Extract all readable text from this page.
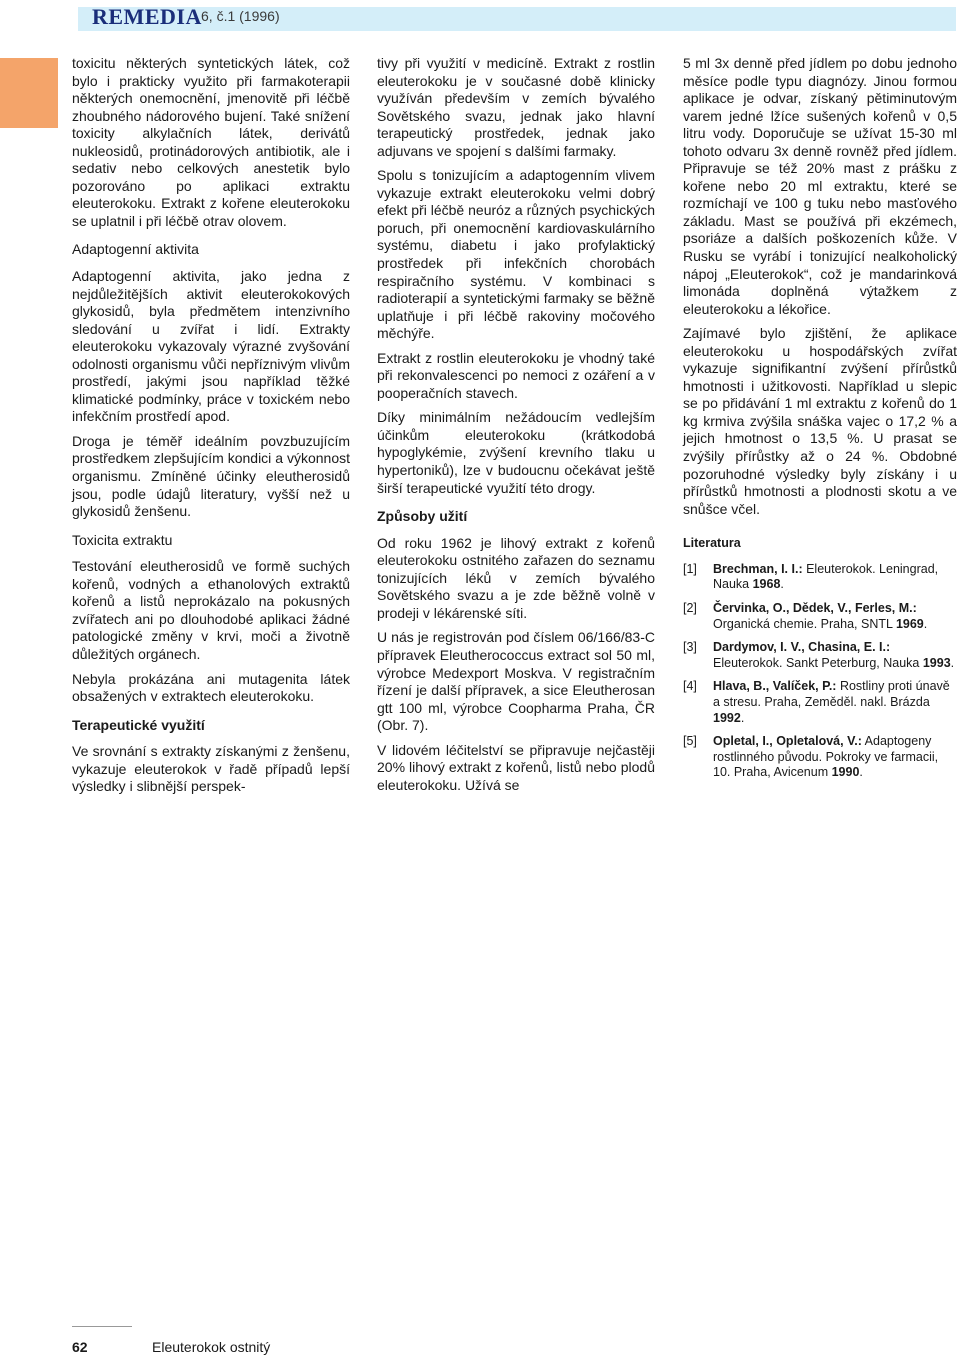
REMEDIA 6, č.1 (1996)

toxicitu některých syntetických látek, což bylo i prakticky využito při farmakoterapii některých onemocnění, jmenovitě při léčbě zhoubného nádorového bujení. Také snížení toxicity alkylačních látek, derivátů nukleosidů, protinádorových antibiotik, ale i sedativ nebo celkových anestetik bylo pozorováno po aplikaci extraktu eleuterokoku. Extrakt z kořene eleuterokoku se uplatnil i při léčbě otrav olovem.

Adaptogenní aktivita

Adaptogenní aktivita, jako jedna z nejdůležitějších aktivit eleuterokokových glykosidů, byla předmětem intenzivního sledování u zvířat i lidí. Extrakty eleuterokoku vykazovaly výrazné zvyšování odolnosti organismu vůči nepříznivým vlivům prostředí, jakými jsou například těžké klimatické podmínky, práce v toxickém nebo infekčním prostředí apod.

Droga je téměř ideálním povzbuzujícím prostředkem zlepšujícím kondici a výkonnost organismu. Zmíněné účinky eleutherosidů jsou, podle údajů literatury, vyšší než u glykosidů ženšenu.

Toxicita extraktu

Testování eleutherosidů ve formě suchých kořenů, vodných a ethanolových extraktů kořenů a listů neprokázalo na pokusných zvířatech ani po dlouhodobé aplikaci žádné patologické změny v krvi, moči a životně důležitých orgánech.

Nebyla prokázána ani mutagenita látek obsažených v extraktech eleuterokoku.

Terapeutické využití

Ve srovnání s extrakty získanými z ženšenu, vykazuje eleuterokok v řadě případů lepší výsledky i slibnější perspek-

tivy při využití v medicíně. Extrakt z rostlin eleuterokoku je v současné době klinicky využíván především v zemích bývalého Sovětského svazu, jednak jako hlavní terapeutický prostředek, jednak jako adjuvans ve spojení s dalšími farmaky.

Spolu s tonizujícím a adaptogenním vlivem vykazuje extrakt eleuterokoku velmi dobrý efekt při léčbě neuróz a různých psychických poruch, při onemocnění kardiovaskulárního systému, diabetu i jako profylaktický prostředek při infekčních chorobách respiračního systému. V kombinaci s radioterapií a syntetickými farmaky se běžně uplatňuje i při léčbě rakoviny močového měchýře.

Extrakt z rostlin eleuterokoku je vhodný také při rekonvalescenci po nemoci z ozáření a v pooperačních stavech.

Díky minimálním nežádoucím vedlejším účinkům eleuterokoku (krátkodobá hypoglykémie, zvýšení krevního tlaku u hypertoniků), lze v budoucnu očekávat ještě širší terapeutické využití této drogy.

Způsoby užití

Od roku 1962 je lihový extrakt z kořenů eleuterokoku ostnitého zařazen do seznamu tonizujících léků v zemích bývalého Sovětského svazu a je zde běžně volně v prodeji v lékárenské síti.

U nás je registrován pod číslem 06/166/83-C přípravek Eleutherococcus extract sol 50 ml, výrobce Medexport Moskva. V registračním řízení je další přípravek, a sice Eleutherosan gtt 100 ml, výrobce Coopharma Praha, ČR (Obr. 7).

V lidovém léčitelství se připravuje nejčastěji 20% lihový extrakt z kořenů, listů nebo plodů eleuterokoku. Užívá se

5 ml 3x denně před jídlem po dobu jednoho měsíce podle typu diagnózy. Jinou formou aplikace je odvar, získaný pětiminutovým varem jedné lžíce sušených kořenů v 0,5 litru vody. Doporučuje se užívat 15-30 ml tohoto odvaru 3x denně rovněž před jídlem. Připravuje se též 20% mast z prášku z kořene nebo 20 ml extraktu, které se rozmíchají ve 100 g tuku nebo masťového základu. Mast se používá při ekzémech, psoriáze a dalších poškozeních kůže. V Rusku se vyrábí i tonizující nealkoholický nápoj „Eleuterokok“, což je mandarinková limonáda doplněná výtažkem z eleuterokoku a lékořice.

Zajímavé bylo zjištění, že aplikace eleuterokoku u hospodářských zvířat vykazuje signifikantní zvýšení přírůstků hmotnosti i užitkovosti. Například u slepic se po přidávání 1 ml extraktu z kořenů do 1 kg krmiva zvýšila snáška vajec o 17,2 % a jejich hmotnost o 13,5 %. U prasat se zvýšily přírůstky až o 24 %. Obdobné pozoruhodné výsledky byly získány i u přírůstků hmotnosti a plodnosti skotu a ve snůšce včel.

Literatura
[1]	Brechman, I. I.: Eleuterokok. Leningrad, Nauka 1968.
[2]	Červinka, O., Dědek, V., Ferles, M.: Organická chemie. Praha, SNTL 1969.
[3]	Dardymov, I. V., Chasina, E. I.: Eleuterokok. Sankt Peterburg, Nauka 1993.
[4]	Hlava, B., Valíček, P.: Rostliny proti únavě a stresu. Praha, Zeměděl. nakl. Brázda 1992.
[5]	Opletal, I., Opletalová, V.: Adaptogeny rostlinného původu. Pokroky ve farmacii, 10. Praha, Avicenum 1990.
62	Eleuterokok ostnitý
